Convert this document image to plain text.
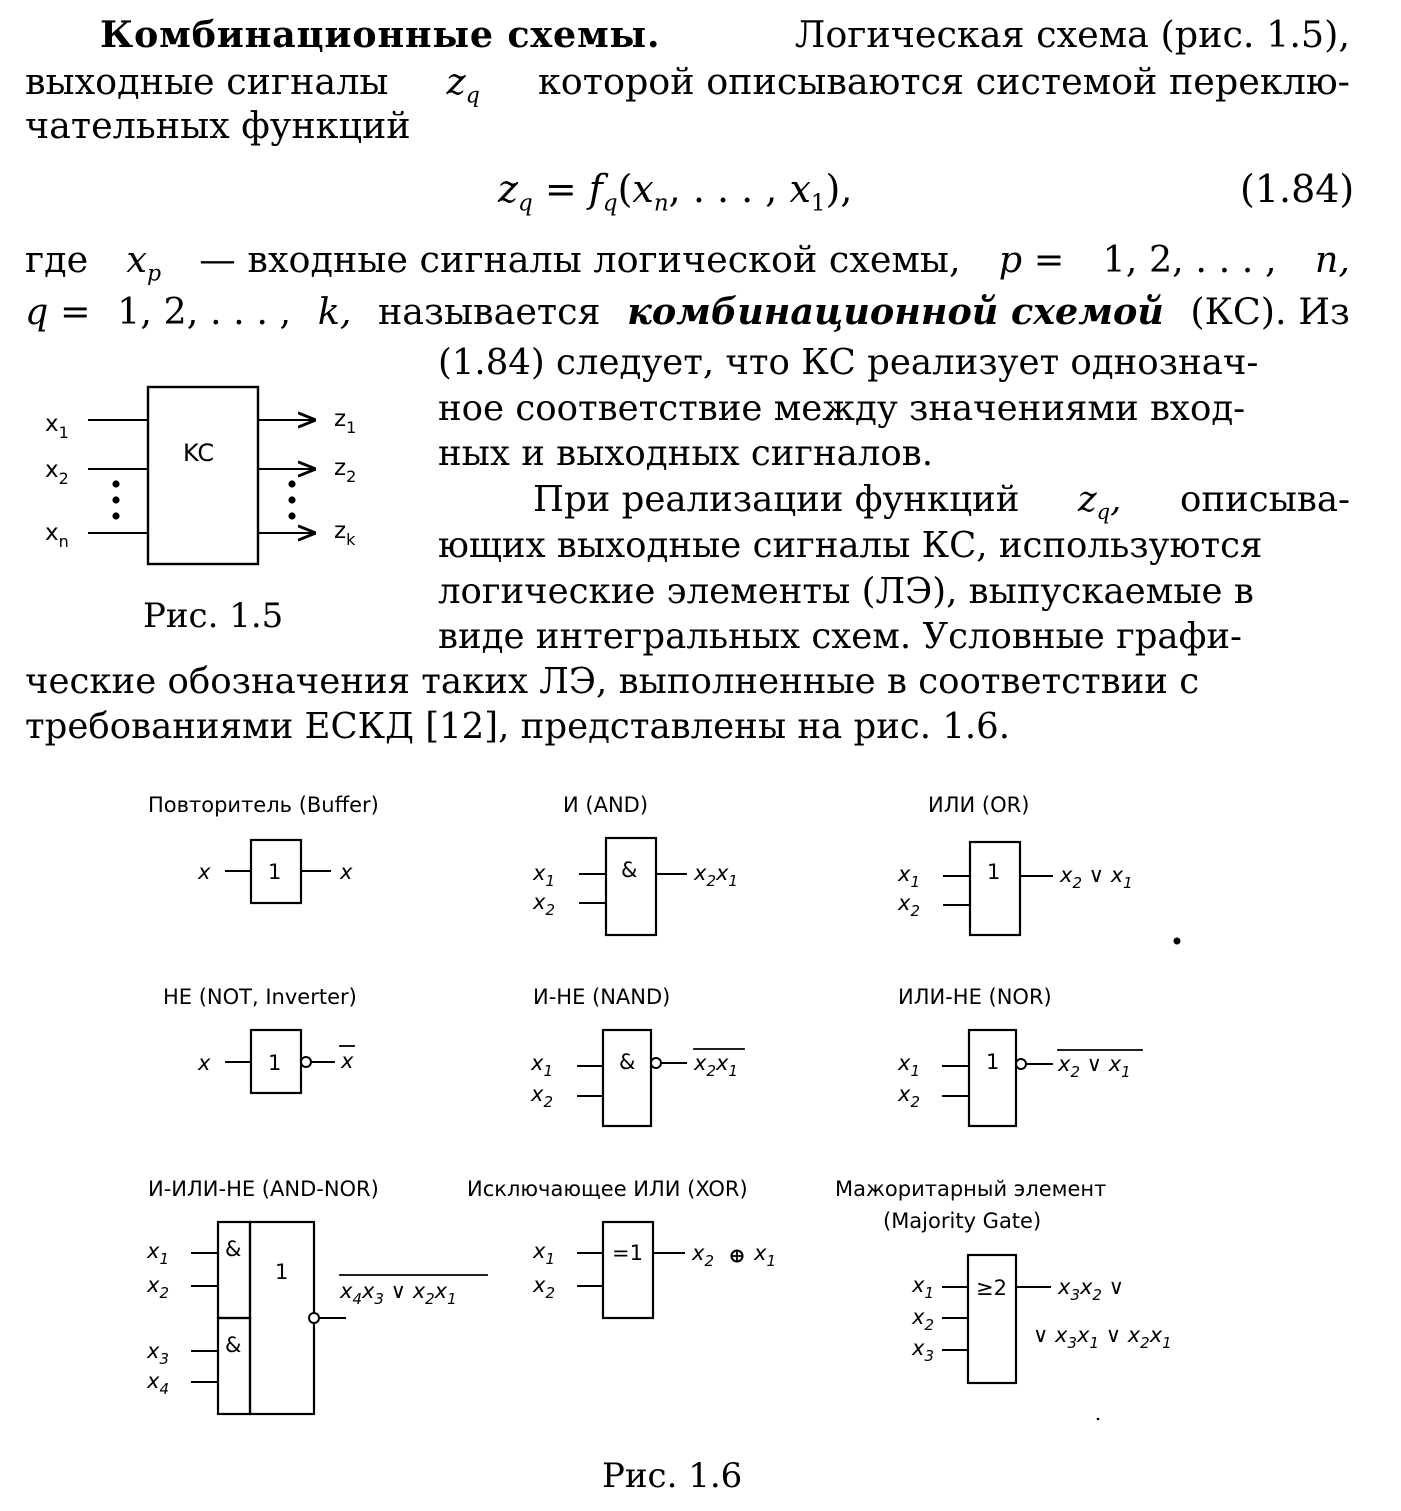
Комбинационные схемы.	Логическая схема (рис. 1.5),
выходные сигналы $z_q$ которой описываются системой переклю-
чательных функций
$z_q = f_q(x_n$, . . . , $x_1$),	(1.84)
где $x_p$ — входные сигналы логической схемы, p = 1, 2, . . . , n,
q = 1, 2, . . . , k, называется комбинационной схемой (КС). Из
(1.84) следует, что КС реализует однознач-
ное соответствие между значениями вход-
ных и выходных сигналов.
При реализации функций $z_q$, описыва-
ющих выходные сигналы КС, используются
логические элементы (ЛЭ), выпускаемые в
виде интегральных схем. Условные графи-
ческие обозначения таких ЛЭ, выполненные в соответствии с
требованиями ЕСКД [12], представлены на рис. 1.6.
KC
$x_1$
$x_2$
$x_n$
$z_1$
$z_2$
$z_k$
Повторитель (Buffer)	И (AND)	ИЛИ (OR)
1
x	x	&
$x_1$
$x_2$
$x_2x_1$	1
$x_1$
$x_2$
$x_2$ ∨ $x_1$
НЕ (NOT, Inverter)	И-НЕ (NAND)	ИЛИ-НЕ (NOR)
1
x	x	&
$x_1$
$x_2$
$x_2x_1$	1
$x_1$
$x_2$
$x_2$ ∨ $x_1$
И-ИЛИ-НЕ (AND-NOR)	Исключающее ИЛИ (XOR)	Мажоритарный элемент
(Majority Gate)
&
&
1
$x_1$
$x_2$
$x_3$
$x_4$
$x_4x_3$ ∨ $x_2x_1$
=1
$x_1$
$x_2$
$x_2$ $x_1$
≥2
$x_1$
$x_2$
$x_3$
$x_3x_2$ ∨
∨ $x_3x_1$ ∨ $x_2x_1$
Рис. 1.5
Рис. 1.6
